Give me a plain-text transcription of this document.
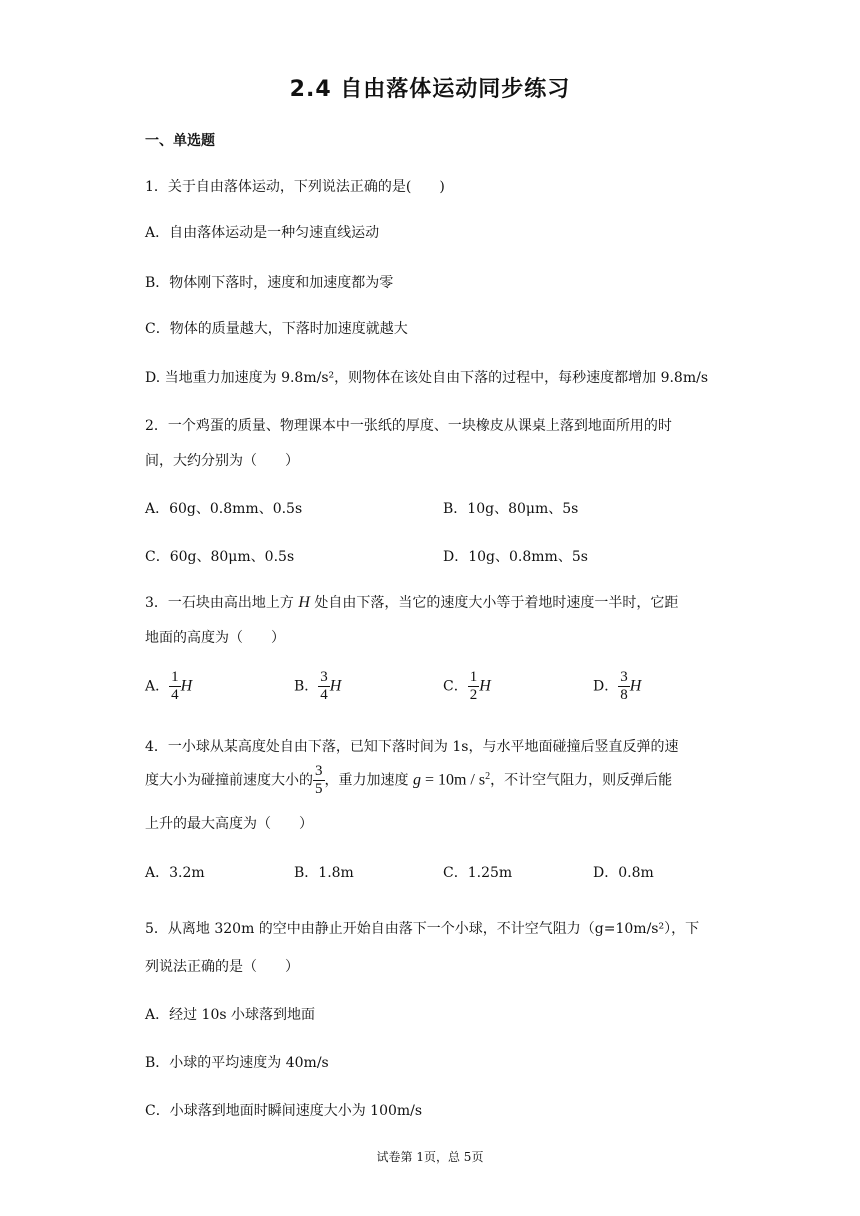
2.4 自由落体运动同步练习
一、单选题
1．关于自由落体运动，下列说法正确的是(　　)
A．自由落体运动是一种匀速直线运动
B．物体刚下落时，速度和加速度都为零
C．物体的质量越大，下落时加速度就越大
D. 当地重力加速度为 9.8m/s²，则物体在该处自由下落的过程中，每秒速度都增加 9.8m/s
2．一个鸡蛋的质量、物理课本中一张纸的厚度、一块橡皮从课桌上落到地面所用的时
间，大约分别为（　　）
A．60g、0.8mm、0.5s	B．10g、80μm、5s
C．60g、80μm、0.5s	D．10g、0.8mm、5s
3．一石块由高出地上方 H 处自由下落，当它的速度大小等于着地时速度一半时，它距
地面的高度为（　　）
A． $\frac{1}{4}$ H	B． $\frac{3}{4}$ H	C． $\frac{1}{2}$ H	D． $\frac{3}{8}$ H
4．一小球从某高度处自由下落，已知下落时间为 1s，与水平地面碰撞后竖直反弹的速
度大小为碰撞前速度大小的 $\frac{3}{5}$ ，重力加速度 $g = 10m / s^2$，不计空气阻力，则反弹后能
上升的最大高度为（　　）
A．3.2m	B．1.8m	C．1.25m	D．0.8m
5．从离地 320m 的空中由静止开始自由落下一个小球，不计空气阻力（g=10m/s²），下
列说法正确的是（　　）
A．经过 10s 小球落到地面
B．小球的平均速度为 40m/s
C．小球落到地面时瞬间速度大小为 100m/s
试卷第 1页，总 5页
